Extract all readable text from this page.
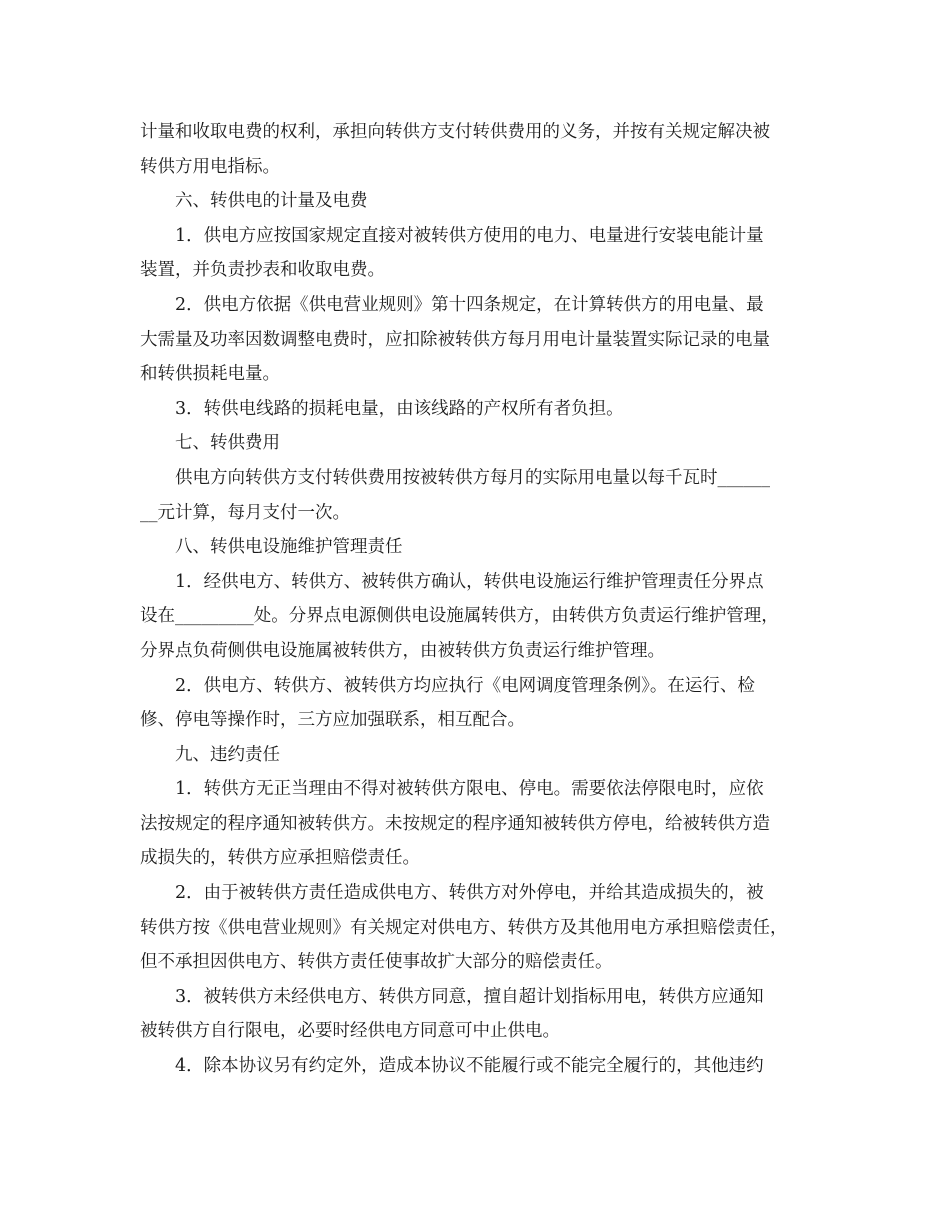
计量和收取电费的权利，承担向转供方支付转供费用的义务，并按有关规定解决被
转供方用电指标。
六、转供电的计量及电费
1．供电方应按国家规定直接对被转供方使用的电力、电量进行安装电能计量
装置，并负责抄表和收取电费。
2．供电方依据《供电营业规则》第十四条规定，在计算转供方的用电量、最
大需量及功率因数调整电费时，应扣除被转供方每月用电计量装置实际记录的电量
和转供损耗电量。
3．转供电线路的损耗电量，由该线路的产权所有者负担。
七、转供费用
供电方向转供方支付转供费用按被转供方每月的实际用电量以每千瓦时______
__元计算，每月支付一次。
八、转供电设施维护管理责任
1．经供电方、转供方、被转供方确认，转供电设施运行维护管理责任分界点
设在_________处。分界点电源侧供电设施属转供方，由转供方负责运行维护管理，
分界点负荷侧供电设施属被转供方，由被转供方负责运行维护管理。
2．供电方、转供方、被转供方均应执行《电网调度管理条例》。在运行、检
修、停电等操作时，三方应加强联系，相互配合。
九、违约责任
1．转供方无正当理由不得对被转供方限电、停电。需要依法停限电时，应依
法按规定的程序通知被转供方。未按规定的程序通知被转供方停电，给被转供方造
成损失的，转供方应承担赔偿责任。
2．由于被转供方责任造成供电方、转供方对外停电，并给其造成损失的，被
转供方按《供电营业规则》有关规定对供电方、转供方及其他用电方承担赔偿责任，
但不承担因供电方、转供方责任使事故扩大部分的赔偿责任。
3．被转供方未经供电方、转供方同意，擅自超计划指标用电，转供方应通知
被转供方自行限电，必要时经供电方同意可中止供电。
4．除本协议另有约定外，造成本协议不能履行或不能完全履行的，其他违约
